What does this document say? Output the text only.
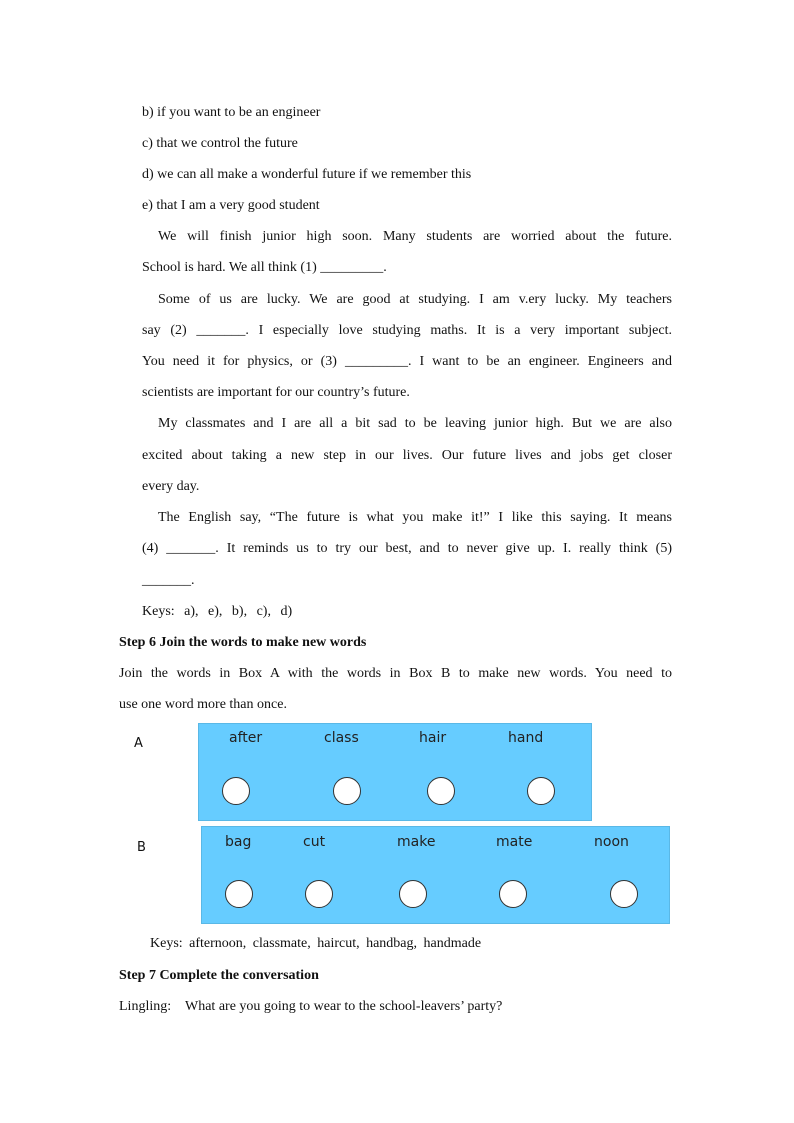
b) if you want to be an engineer
c) that we control the future
d) we can all make a wonderful future if we remember this
e) that I am a very good student
We will finish junior high soon. Many students are worried about the future.
School is hard. We all think (1) _________.
Some of us are lucky. We are good at studying. I am v.ery lucky. My teachers
say (2) _______. I especially love studying maths. It is a very important subject.
You need it for physics, or (3) _________. I want to be an engineer. Engineers and
scientists are important for our country’s future.
My classmates and I are all a bit sad to be leaving junior high. But we are also
excited about taking a new step in our lives. Our future lives and jobs get closer
every day.
The English say, “The future is what you make it!” I like this saying. It means
(4) _______. It reminds us to try our best, and to never give up. I. really think (5)
_______.
Keys: a), e), b), c), d)
Step 6 Join the words to make new words
Join the words in Box A with the words in Box B to make new words. You need to
use one word more than once.
A	after	class	hair	hand
B	bag	cut	make	mate	noon
Keys: afternoon, classmate, haircut, handbag, handmade
Step 7 Complete the conversation
Lingling: What are you going to wear to the school-leavers’ party?
